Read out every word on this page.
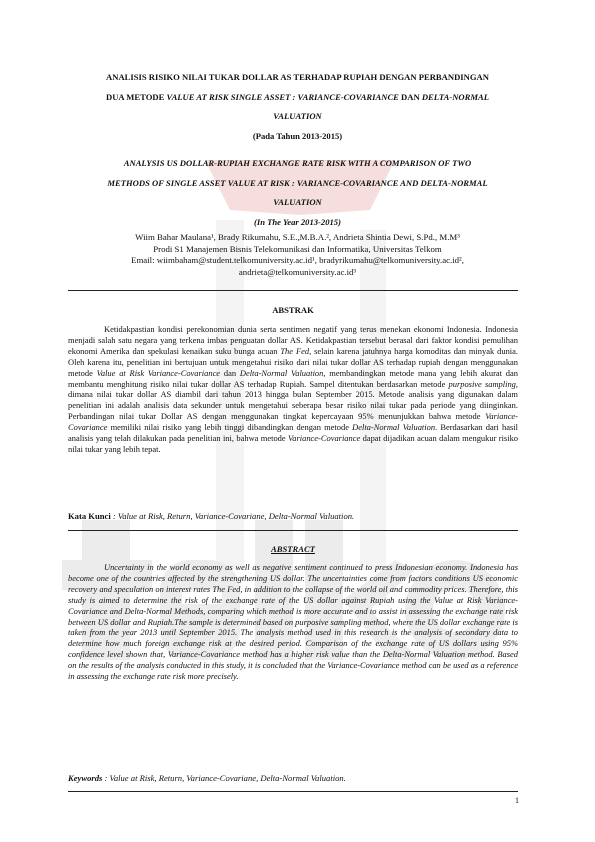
ANALISIS RISIKO NILAI TUKAR DOLLAR AS TERHADAP RUPIAH DENGAN PERBANDINGAN
DUA METODE VALUE AT RISK SINGLE ASSET : VARIANCE-COVARIANCE DAN DELTA-NORMAL
VALUATION
(Pada Tahun 2013-2015)
ANALYSIS US DOLLAR-RUPIAH EXCHANGE RATE RISK WITH A COMPARISON OF TWO
METHODS OF SINGLE ASSET VALUE AT RISK : VARIANCE-COVARIANCE AND DELTA-NORMAL
VALUATION
(In The Year 2013-2015)
Wiim Bahar Maulana¹, Brady Rikumahu, S.E.,M.B.A.², Andrieta Shintia Dewi, S.Pd., M.M³
Prodi S1 Manajemen Bisnis Telekomunikasi dan Informatika, Universitas Telkom
Email: wiimbaham@student.telkomuniversity.ac.id¹, bradyrikumahu@telkomuniversity.ac.id²,
andrieta@telkomuniversity.ac.id³
ABSTRAK

Ketidakpastian kondisi perekonomian dunia serta sentimen negatif yang terus menekan ekonomi Indonesia. Indonesia menjadi salah satu negara yang terkena imbas penguatan dollar AS. Ketidakpastian tersebut berasal dari faktor kondisi pemulihan ekonomi Amerika dan spekulasi kenaikan suku bunga acuan The Fed, selain karena jatuhnya harga komoditas dan minyak dunia. Oleh karena itu, penelitian ini bertujuan untuk mengetahui risiko dari nilai tukar dollar AS terhadap rupiah dengan menggunakan metode Value at Risk Variance-Covariance dan Delta-Normal Valuation, membandingkan metode mana yang lebih akurat dan membantu menghitung risiko nilai tukar dollar AS terhadap Rupiah. Sampel ditentukan berdasarkan metode purposive sampling, dimana nilai tukar dollar AS diambil dari tahun 2013 hingga bulan September 2015. Metode analisis yang digunakan dalam penelitian ini adalah analisis data sekunder untuk mengetahui seberapa besar risiko nilai tukar pada periode yang diinginkan. Perbandingan nilai tukar Dollar AS dengan menggunakan tingkat kepercayaan 95% menunjukkan bahwa metode Variance-Covariance memiliki nilai risiko yang lebih tinggi dibandingkan dengan metode Delta-Normal Valuation. Berdasarkan dari hasil analisis yang telah dilakukan pada penelitian ini, bahwa metode Variance-Covariance dapat dijadikan acuan dalam mengukur risiko nilai tukar yang lebih tepat.

Kata Kunci : Value at Risk, Return, Variance-Covariane, Delta-Normal Valuation.
ABSTRACT

Uncertainty in the world economy as well as negative sentiment continued to press Indonesian economy. Indonesia has become one of the countries affected by the strengthening US dollar. The uncertainties come from factors conditions US economic recovery and speculation on interest rates The Fed, in addition to the collapse of the world oil and commodity prices. Therefore, this study is aimed to determine the risk of the exchange rate of the US dollar against Rupiah using the Value at Risk Variance-Covariance and Delta-Normal Methods, comparing which method is more accurate and to assist in assessing the exchange rate risk between US dollar and Rupiah.The sample is determined based on purposive sampling method, where the US dollar exchange rate is taken from the year 2013 until September 2015. The analysis method used in this research is the analysis of secondary data to determine how much foreign exchange risk at the desired period. Comparison of the exchange rate of US dollars using 95% confidence level shown that, Variance-Covariance method has a higher risk value than the Delta-Normal Valuation method. Based on the results of the analysis conducted in this study, it is concluded that the Variance-Covariance method can be used as a reference in assessing the exchange rate risk more precisely.

Keywords : Value at Risk, Return, Variance-Covariane, Delta-Normal Valuation.
1
